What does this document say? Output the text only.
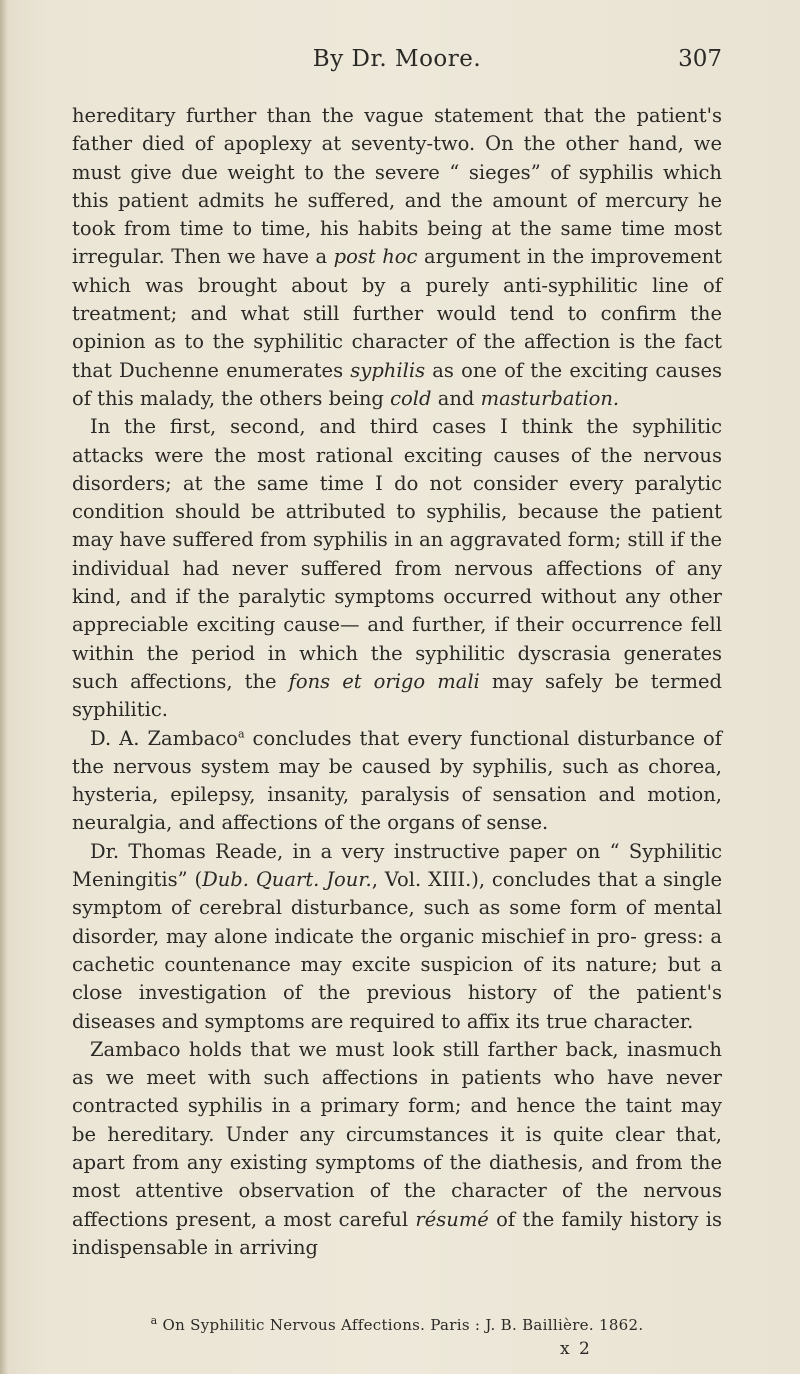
By Dr. Moore.	307

hereditary further than the vague statement that the patient's father died of apoplexy at seventy-two. On the other hand, we must give due weight to the severe “ sieges” of syphilis which this patient admits he suffered, and the amount of mercury he took from time to time, his habits being at the same time most irregular. Then we have a post hoc argument in the improvement which was brought about by a purely anti-syphilitic line of treatment; and what still further would tend to confirm the opinion as to the syphilitic character of the affection is the fact that Duchenne enumerates syphilis as one of the exciting causes of this malady, the others being cold and masturbation.

In the first, second, and third cases I think the syphilitic attacks were the most rational exciting causes of the nervous disorders; at the same time I do not consider every paralytic condition should be attributed to syphilis, because the patient may have suffered from syphilis in an aggravated form; still if the individual had never suffered from nervous affections of any kind, and if the paralytic symptoms occurred without any other appreciable exciting cause— and further, if their occurrence fell within the period in which the syphilitic dyscrasia generates such affections, the fons et origo mali may safely be termed syphilitic.

D. A. Zambaco$^a$ concludes that every functional disturbance of the nervous system may be caused by syphilis, such as chorea, hysteria, epilepsy, insanity, paralysis of sensation and motion, neuralgia, and affections of the organs of sense.

Dr. Thomas Reade, in a very instructive paper on “ Syphilitic Meningitis” (Dub. Quart. Jour., Vol. XIII.), concludes that a single symptom of cerebral disturbance, such as some form of mental disorder, may alone indicate the organic mischief in pro- gress: a cachetic countenance may excite suspicion of its nature; but a close investigation of the previous history of the patient's diseases and symptoms are required to affix its true character.

Zambaco holds that we must look still farther back, inasmuch as we meet with such affections in patients who have never contracted syphilis in a primary form; and hence the taint may be hereditary. Under any circumstances it is quite clear that, apart from any existing symptoms of the diathesis, and from the most attentive observation of the character of the nervous affections present, a most careful résumé of the family history is indispensable in arriving

$^a$ On Syphilitic Nervous Affections. Paris : J. B. Baillière. 1862.
x 2
